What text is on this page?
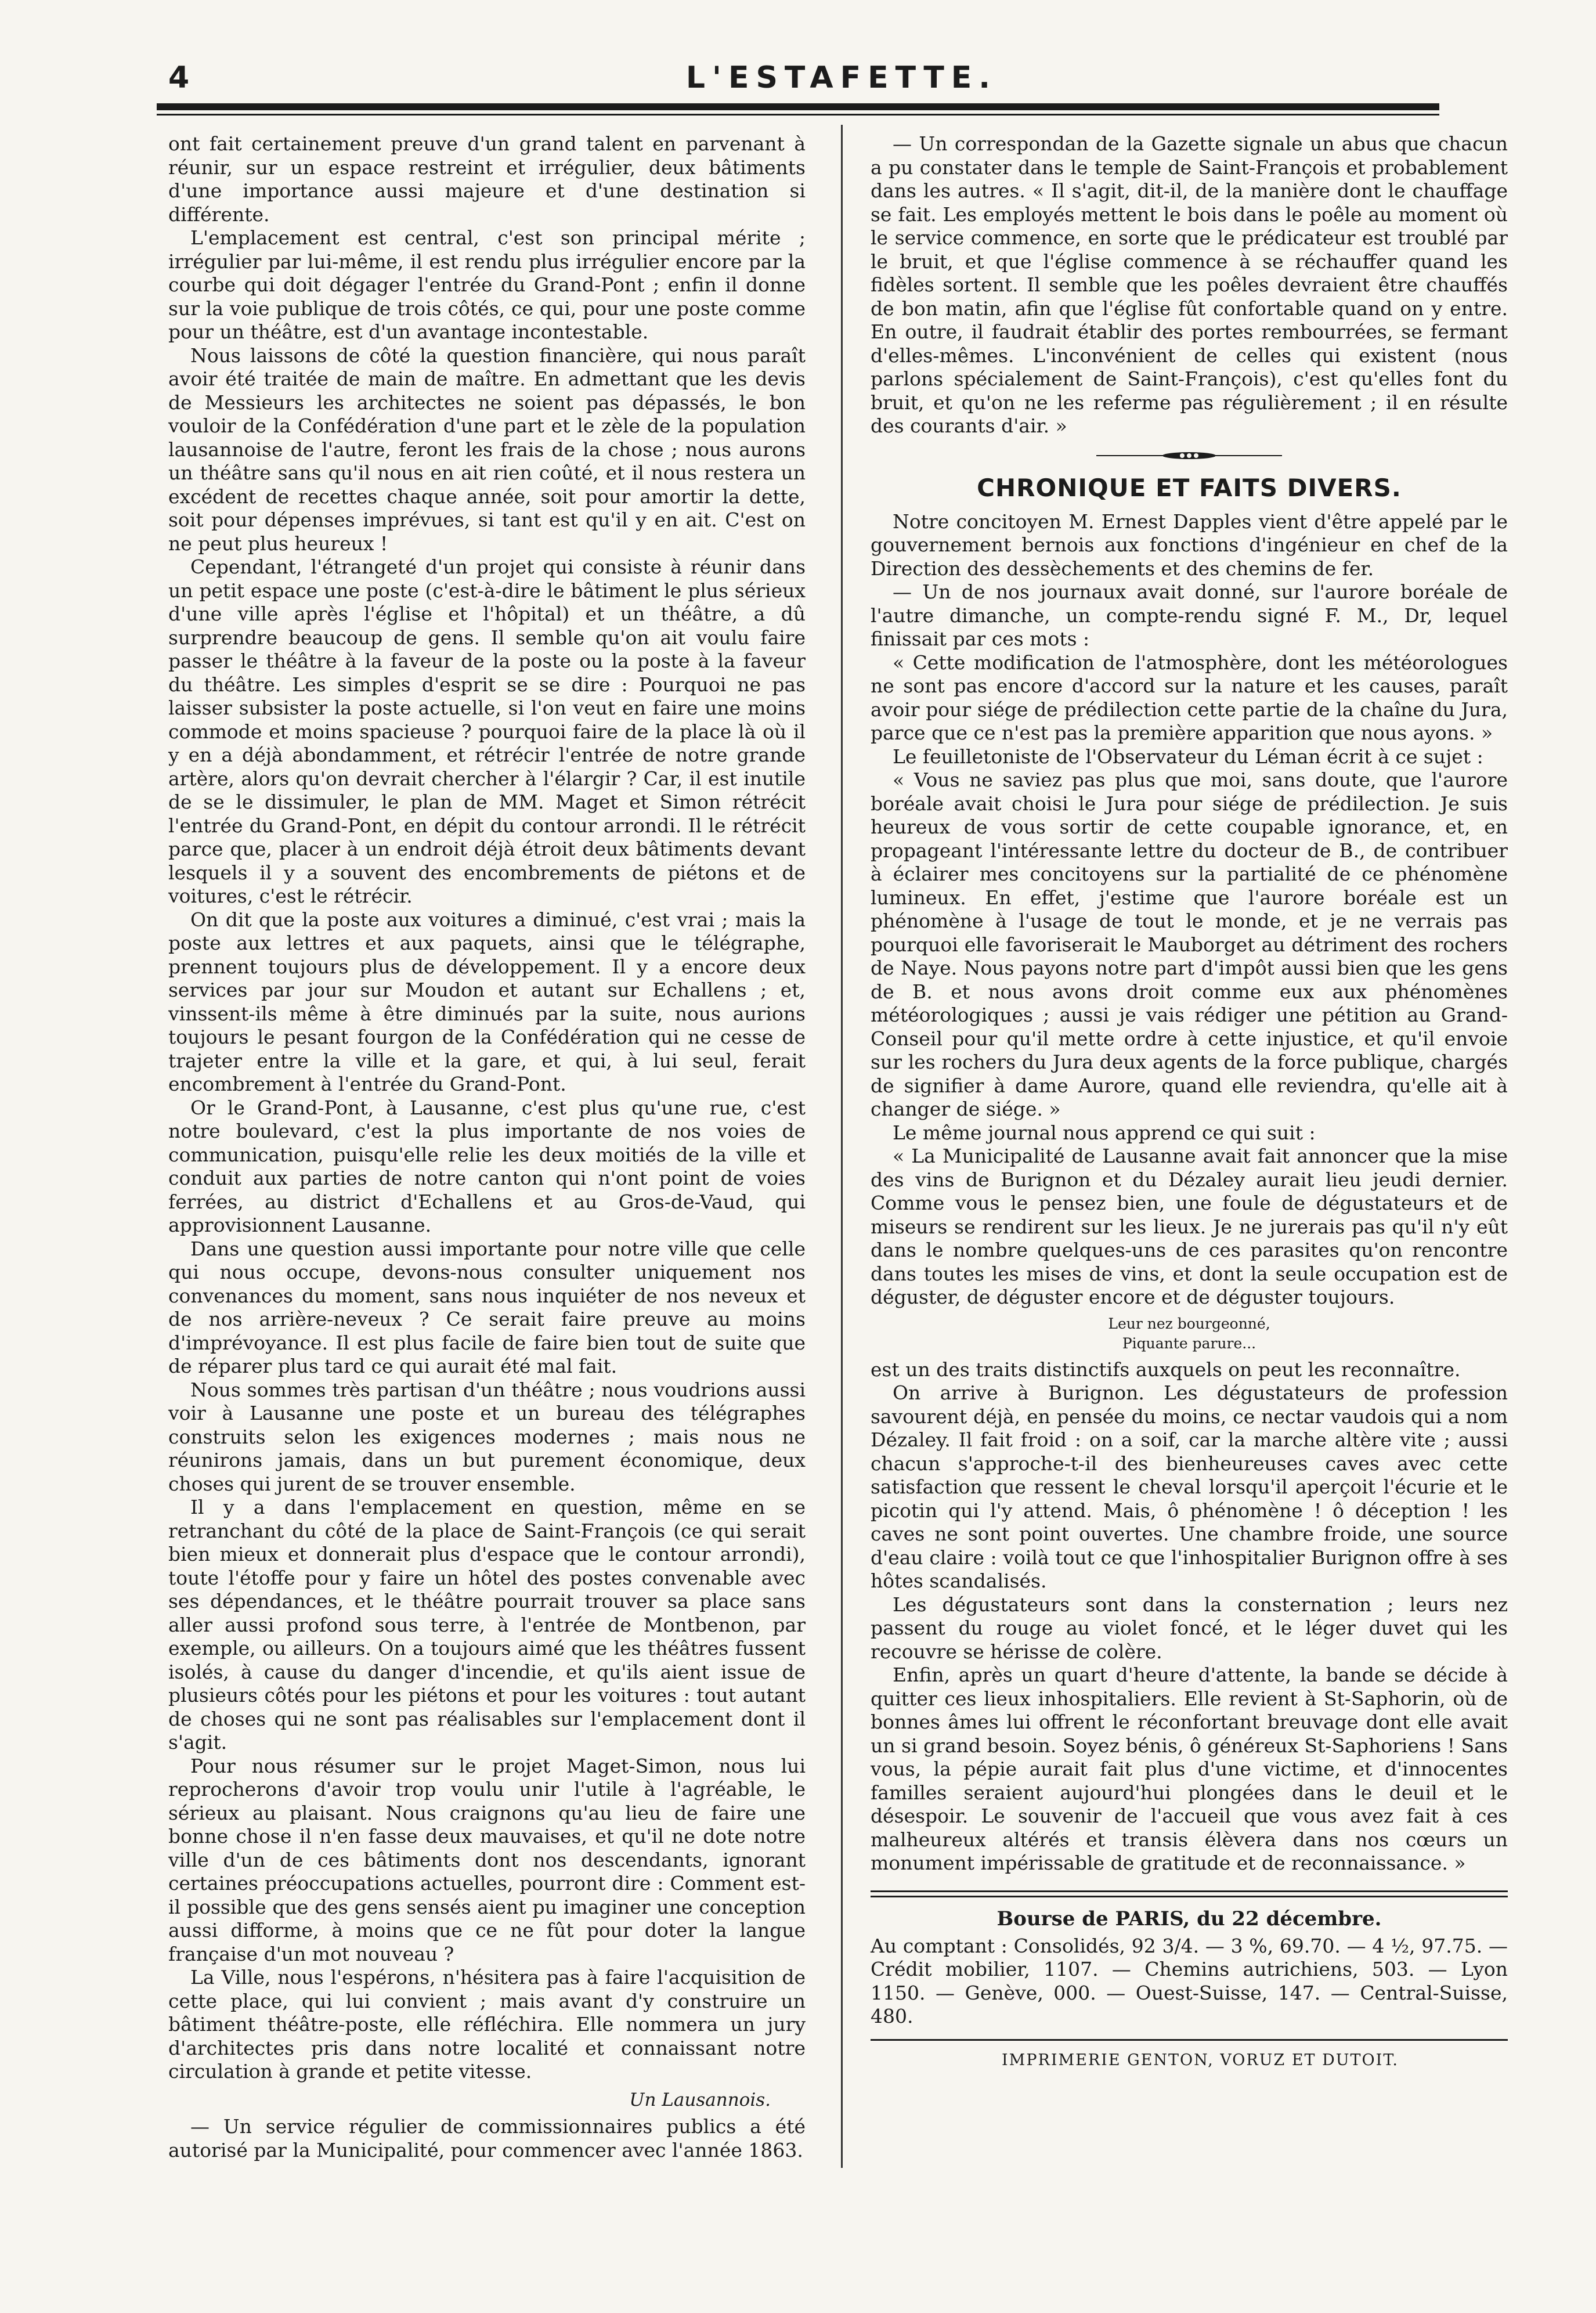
4	L'ESTAFETTE.

ont fait certainement preuve d'un grand talent en parvenant à réunir, sur un espace restreint et irrégulier, deux bâtiments d'une importance aussi majeure et d'une destination si différente.

L'emplacement est central, c'est son principal mérite ; irrégulier par lui-même, il est rendu plus irrégulier encore par la courbe qui doit dégager l'entrée du Grand-Pont ; enfin il donne sur la voie publique de trois côtés, ce qui, pour une poste comme pour un théâtre, est d'un avantage incontestable.

Nous laissons de côté la question financière, qui nous paraît avoir été traitée de main de maître. En admettant que les devis de Messieurs les architectes ne soient pas dépassés, le bon vouloir de la Confédération d'une part et le zèle de la population lausannoise de l'autre, feront les frais de la chose ; nous aurons un théâtre sans qu'il nous en ait rien coûté, et il nous restera un excédent de recettes chaque année, soit pour amortir la dette, soit pour dépenses imprévues, si tant est qu'il y en ait. C'est on ne peut plus heureux !

Cependant, l'étrangeté d'un projet qui consiste à réunir dans un petit espace une poste (c'est-à-dire le bâtiment le plus sérieux d'une ville après l'église et l'hôpital) et un théâtre, a dû surprendre beaucoup de gens. Il semble qu'on ait voulu faire passer le théâtre à la faveur de la poste ou la poste à la faveur du théâtre. Les simples d'esprit se se dire : Pourquoi ne pas laisser subsister la poste actuelle, si l'on veut en faire une moins commode et moins spacieuse ? pourquoi faire de la place là où il y en a déjà abondamment, et rétrécir l'entrée de notre grande artère, alors qu'on devrait chercher à l'élargir ? Car, il est inutile de se le dissimuler, le plan de MM. Maget et Simon rétrécit l'entrée du Grand-Pont, en dépit du contour arrondi. Il le rétrécit parce que, placer à un endroit déjà étroit deux bâtiments devant lesquels il y a souvent des encombrements de piétons et de voitures, c'est le rétrécir.

On dit que la poste aux voitures a diminué, c'est vrai ; mais la poste aux lettres et aux paquets, ainsi que le télégraphe, prennent toujours plus de développement. Il y a encore deux services par jour sur Moudon et autant sur Echallens ; et, vinssent-ils même à être diminués par la suite, nous aurions toujours le pesant fourgon de la Confédération qui ne cesse de trajeter entre la ville et la gare, et qui, à lui seul, ferait encombrement à l'entrée du Grand-Pont.

Or le Grand-Pont, à Lausanne, c'est plus qu'une rue, c'est notre boulevard, c'est la plus importante de nos voies de communication, puisqu'elle relie les deux moitiés de la ville et conduit aux parties de notre canton qui n'ont point de voies ferrées, au district d'Echallens et au Gros-de-Vaud, qui approvisionnent Lausanne.

Dans une question aussi importante pour notre ville que celle qui nous occupe, devons-nous consulter uniquement nos convenances du moment, sans nous inquiéter de nos neveux et de nos arrière-neveux ? Ce serait faire preuve au moins d'imprévoyance. Il est plus facile de faire bien tout de suite que de réparer plus tard ce qui aurait été mal fait.

Nous sommes très partisan d'un théâtre ; nous voudrions aussi voir à Lausanne une poste et un bureau des télégraphes construits selon les exigences modernes ; mais nous ne réunirons jamais, dans un but purement économique, deux choses qui jurent de se trouver ensemble.

Il y a dans l'emplacement en question, même en se retranchant du côté de la place de Saint-François (ce qui serait bien mieux et donnerait plus d'espace que le contour arrondi), toute l'étoffe pour y faire un hôtel des postes convenable avec ses dépendances, et le théâtre pourrait trouver sa place sans aller aussi profond sous terre, à l'entrée de Montbenon, par exemple, ou ailleurs. On a toujours aimé que les théâtres fussent isolés, à cause du danger d'incendie, et qu'ils aient issue de plusieurs côtés pour les piétons et pour les voitures : tout autant de choses qui ne sont pas réalisables sur l'emplacement dont il s'agit.

Pour nous résumer sur le projet Maget-Simon, nous lui reprocherons d'avoir trop voulu unir l'utile à l'agréable, le sérieux au plaisant. Nous craignons qu'au lieu de faire une bonne chose il n'en fasse deux mauvaises, et qu'il ne dote notre ville d'un de ces bâtiments dont nos descendants, ignorant certaines préoccupations actuelles, pourront dire : Comment est-il possible que des gens sensés aient pu imaginer une conception aussi difforme, à moins que ce ne fût pour doter la langue française d'un mot nouveau ?

La Ville, nous l'espérons, n'hésitera pas à faire l'acquisition de cette place, qui lui convient ; mais avant d'y construire un bâtiment théâtre-poste, elle réfléchira. Elle nommera un jury d'architectes pris dans notre localité et connaissant notre circulation à grande et petite vitesse.

Un Lausannois.

— Un service régulier de commissionnaires publics a été autorisé par la Municipalité, pour commencer avec l'année 1863.

— Un correspondan de la Gazette signale un abus que chacun a pu constater dans le temple de Saint-François et probablement dans les autres. « Il s'agit, dit-il, de la manière dont le chauffage se fait. Les employés mettent le bois dans le poêle au moment où le service commence, en sorte que le prédicateur est troublé par le bruit, et que l'église commence à se réchauffer quand les fidèles sortent. Il semble que les poêles devraient être chauffés de bon matin, afin que l'église fût confortable quand on y entre. En outre, il faudrait établir des portes rembourrées, se fermant d'elles-mêmes. L'inconvénient de celles qui existent (nous parlons spécialement de Saint-François), c'est qu'elles font du bruit, et qu'on ne les referme pas régulièrement ; il en résulte des courants d'air. »

CHRONIQUE ET FAITS DIVERS.

Notre concitoyen M. Ernest Dapples vient d'être appelé par le gouvernement bernois aux fonctions d'ingénieur en chef de la Direction des dessèchements et des chemins de fer.

— Un de nos journaux avait donné, sur l'aurore boréale de l'autre dimanche, un compte-rendu signé F. M., Dr, lequel finissait par ces mots :

« Cette modification de l'atmosphère, dont les météorologues ne sont pas encore d'accord sur la nature et les causes, paraît avoir pour siége de prédilection cette partie de la chaîne du Jura, parce que ce n'est pas la première apparition que nous ayons. »

Le feuilletoniste de l'Observateur du Léman écrit à ce sujet :

« Vous ne saviez pas plus que moi, sans doute, que l'aurore boréale avait choisi le Jura pour siége de prédilection. Je suis heureux de vous sortir de cette coupable ignorance, et, en propageant l'intéressante lettre du docteur de B., de contribuer à éclairer mes concitoyens sur la partialité de ce phénomène lumineux. En effet, j'estime que l'aurore boréale est un phénomène à l'usage de tout le monde, et je ne verrais pas pourquoi elle favoriserait le Mauborget au détriment des rochers de Naye. Nous payons notre part d'impôt aussi bien que les gens de B. et nous avons droit comme eux aux phénomènes météorologiques ; aussi je vais rédiger une pétition au Grand-Conseil pour qu'il mette ordre à cette injustice, et qu'il envoie sur les rochers du Jura deux agents de la force publique, chargés de signifier à dame Aurore, quand elle reviendra, qu'elle ait à changer de siége. »

Le même journal nous apprend ce qui suit :

« La Municipalité de Lausanne avait fait annoncer que la mise des vins de Burignon et du Dézaley aurait lieu jeudi dernier. Comme vous le pensez bien, une foule de dégustateurs et de miseurs se rendirent sur les lieux. Je ne jurerais pas qu'il n'y eût dans le nombre quelques-uns de ces parasites qu'on rencontre dans toutes les mises de vins, et dont la seule occupation est de déguster, de déguster encore et de déguster toujours.

Leur nez bourgeonné,
Piquante parure...

est un des traits distinctifs auxquels on peut les reconnaître.

On arrive à Burignon. Les dégustateurs de profession savourent déjà, en pensée du moins, ce nectar vaudois qui a nom Dézaley. Il fait froid : on a soif, car la marche altère vite ; aussi chacun s'approche-t-il des bienheureuses caves avec cette satisfaction que ressent le cheval lorsqu'il aperçoit l'écurie et le picotin qui l'y attend. Mais, ô phénomène ! ô déception ! les caves ne sont point ouvertes. Une chambre froide, une source d'eau claire : voilà tout ce que l'inhospitalier Burignon offre à ses hôtes scandalisés.

Les dégustateurs sont dans la consternation ; leurs nez passent du rouge au violet foncé, et le léger duvet qui les recouvre se hérisse de colère.

Enfin, après un quart d'heure d'attente, la bande se décide à quitter ces lieux inhospitaliers. Elle revient à St-Saphorin, où de bonnes âmes lui offrent le réconfortant breuvage dont elle avait un si grand besoin. Soyez bénis, ô généreux St-Saphoriens ! Sans vous, la pépie aurait fait plus d'une victime, et d'innocentes familles seraient aujourd'hui plongées dans le deuil et le désespoir. Le souvenir de l'accueil que vous avez fait à ces malheureux altérés et transis élèvera dans nos cœurs un monument impérissable de gratitude et de reconnaissance. »

Bourse de PARIS, du 22 décembre.

Au comptant : Consolidés, 92 3/4. — 3 %, 69.70. — 4 ½, 97.75. — Crédit mobilier, 1107. — Chemins autrichiens, 503. — Lyon 1150. — Genève, 000. — Ouest-Suisse, 147. — Central-Suisse, 480.

IMPRIMERIE GENTON, VORUZ ET DUTOIT.
